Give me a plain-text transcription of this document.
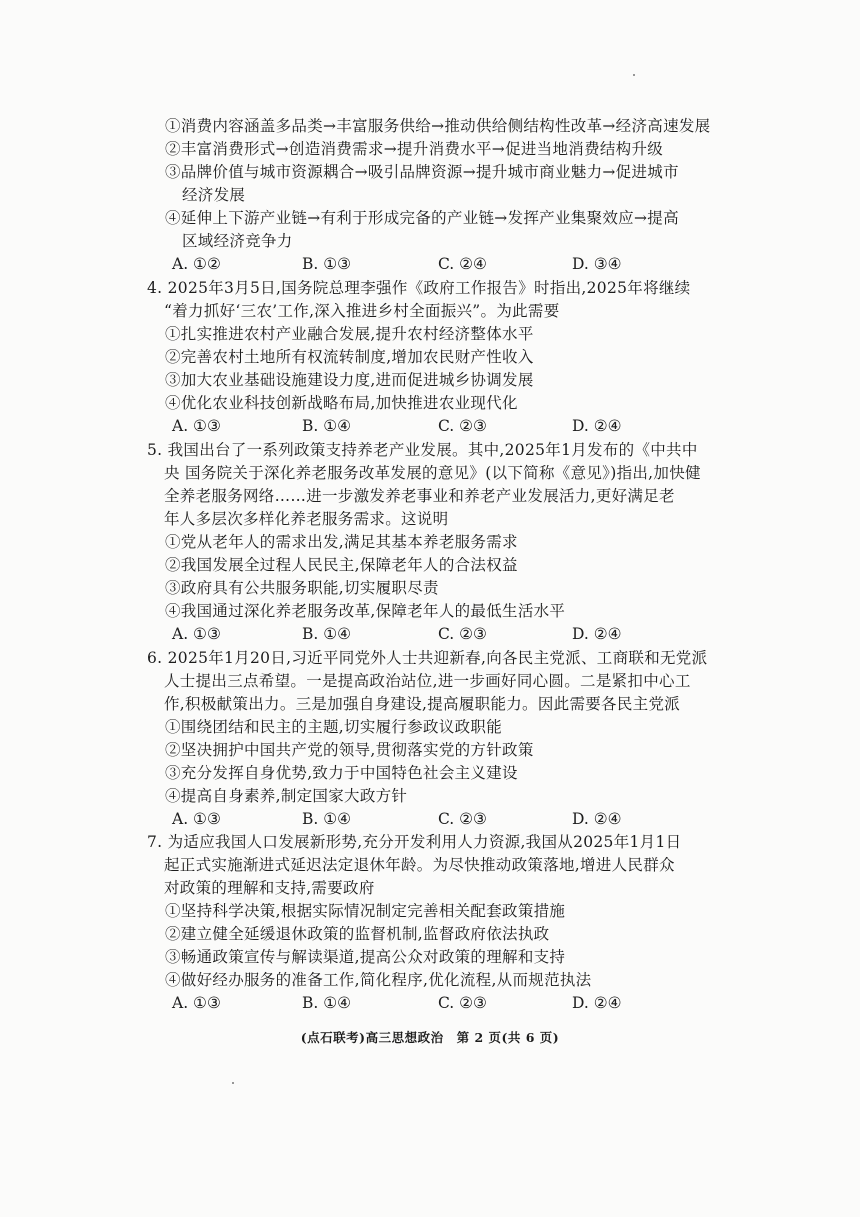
①消费内容涵盖多品类→丰富服务供给→推动供给侧结构性改革→经济高速发展
②丰富消费形式→创造消费需求→提升消费水平→促进当地消费结构升级
③品牌价值与城市资源耦合→吸引品牌资源→提升城市商业魅力→促进城市
经济发展
④延伸上下游产业链→有利于形成完备的产业链→发挥产业集聚效应→提高
区域经济竞争力
A. ①②	B. ①③	C. ②④	D. ③④
4. 2025年3月5日,国务院总理李强作《政府工作报告》时指出,2025年将继续
“着力抓好‘三农’工作,深入推进乡村全面振兴”。为此需要
①扎实推进农村产业融合发展,提升农村经济整体水平
②完善农村土地所有权流转制度,增加农民财产性收入
③加大农业基础设施建设力度,进而促进城乡协调发展
④优化农业科技创新战略布局,加快推进农业现代化
A. ①③	B. ①④	C. ②③	D. ②④
5. 我国出台了一系列政策支持养老产业发展。其中,2025年1月发布的《中共中
央 国务院关于深化养老服务改革发展的意见》(以下简称《意见》)指出,加快健
全养老服务网络……进一步激发养老事业和养老产业发展活力,更好满足老
年人多层次多样化养老服务需求。这说明
①党从老年人的需求出发,满足其基本养老服务需求
②我国发展全过程人民民主,保障老年人的合法权益
③政府具有公共服务职能,切实履职尽责
④我国通过深化养老服务改革,保障老年人的最低生活水平
A. ①③	B. ①④	C. ②③	D. ②④
6. 2025年1月20日,习近平同党外人士共迎新春,向各民主党派、工商联和无党派
人士提出三点希望。一是提高政治站位,进一步画好同心圆。二是紧扣中心工
作,积极献策出力。三是加强自身建设,提高履职能力。因此需要各民主党派
①围绕团结和民主的主题,切实履行参政议政职能
②坚决拥护中国共产党的领导,贯彻落实党的方针政策
③充分发挥自身优势,致力于中国特色社会主义建设
④提高自身素养,制定国家大政方针
A. ①③	B. ①④	C. ②③	D. ②④
7. 为适应我国人口发展新形势,充分开发利用人力资源,我国从2025年1月1日
起正式实施渐进式延迟法定退休年龄。为尽快推动政策落地,增进人民群众
对政策的理解和支持,需要政府
①坚持科学决策,根据实际情况制定完善相关配套政策措施
②建立健全延缓退休政策的监督机制,监督政府依法执政
③畅通政策宣传与解读渠道,提高公众对政策的理解和支持
④做好经办服务的准备工作,简化程序,优化流程,从而规范执法
A. ①③	B. ①④	C. ②③	D. ②④
(点石联考)高三思想政治　第 2 页(共 6 页)
